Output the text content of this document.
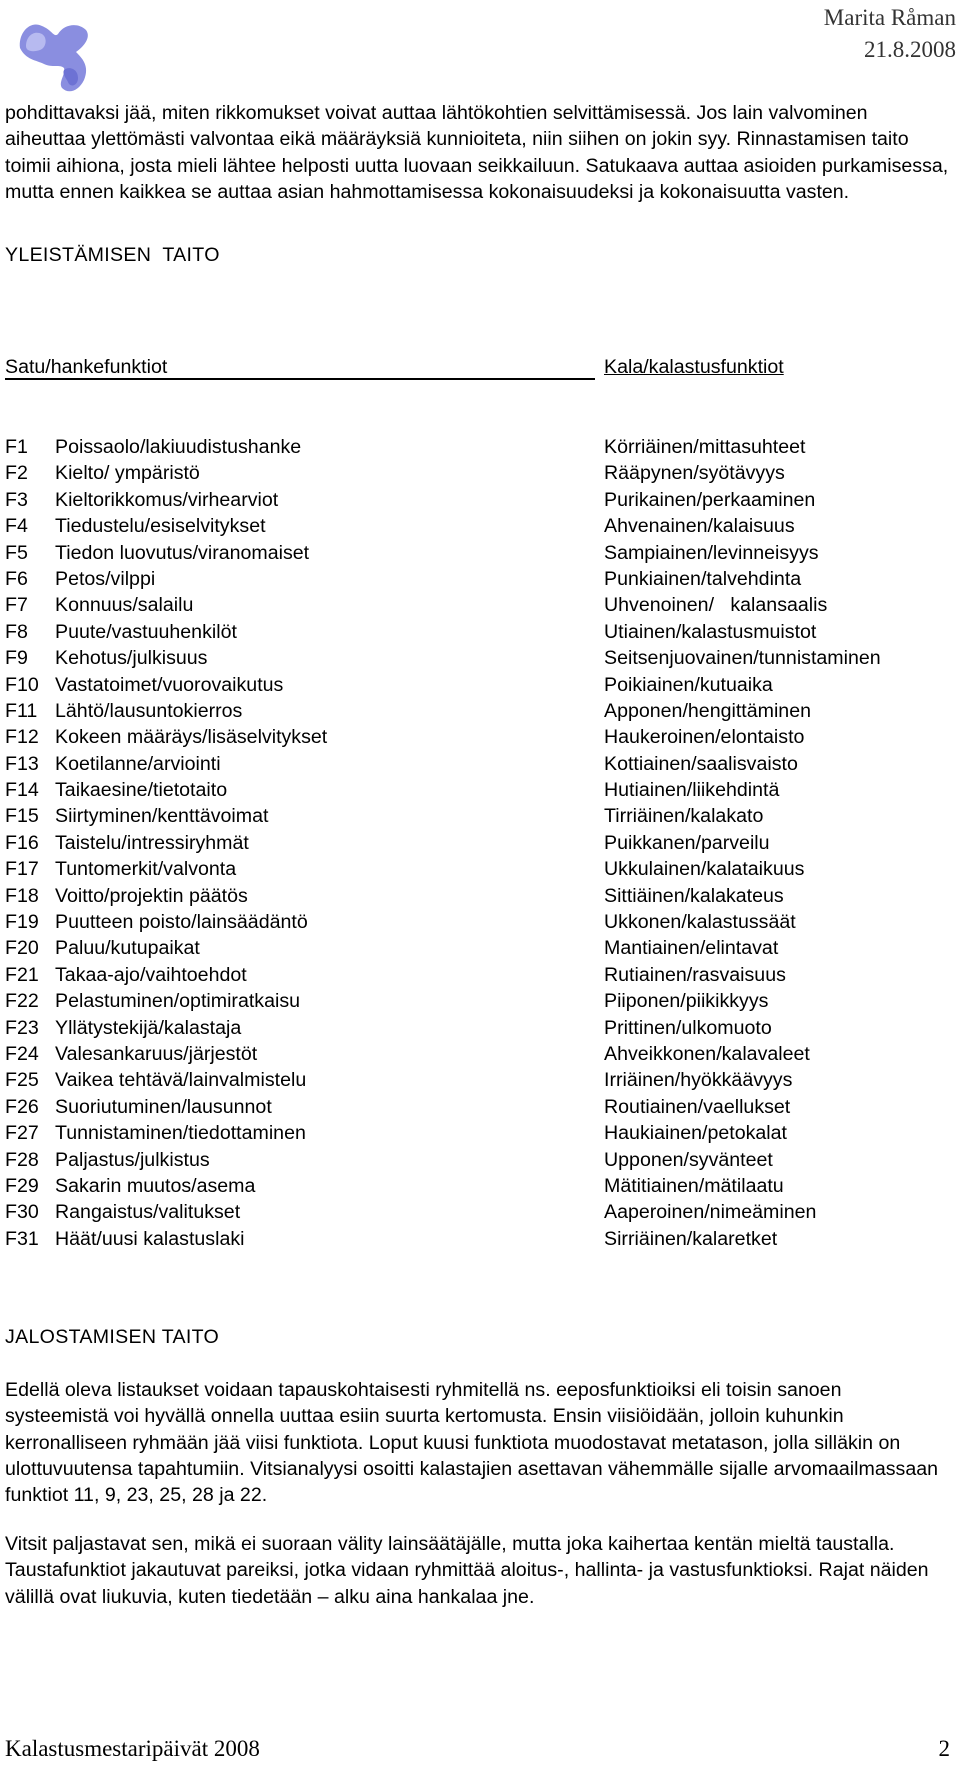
Marita Råman
21.8.2008

pohdittavaksi jää, miten rikkomukset voivat auttaa lähtökohtien selvittämisessä. Jos lain valvominen aiheuttaa ylettömästi valvontaa eikä määräyksiä kunnioiteta, niin siihen on jokin syy. Rinnastamisen taito toimii aihiona, josta mieli lähtee helposti uutta luovaan seikkailuun. Satukaava auttaa asioiden purkamisessa, mutta ennen kaikkea se auttaa asian hahmottamisessa kokonaisuudeksi ja kokonaisuutta vasten.

YLEISTÄMISEN  TAITO
Satu/hankefunktiot	Kala/kalastusfunktiot
F1 Poissaolo/lakiuudistushanke	Körriäinen/mittasuhteet
F2 Kielto/ ympäristö	Rääpynen/syötävyys
F3 Kieltorikkomus/virhearviot	Purikainen/perkaaminen
F4 Tiedustelu/esiselvitykset	Ahvenainen/kalaisuus
F5 Tiedon luovutus/viranomaiset	Sampiainen/levinneisyys
F6 Petos/vilppi	Punkiainen/talvehdinta
F7 Konnuus/salailu	Uhvenoinen/   kalansaalis
F8 Puute/vastuuhenkilöt	Utiainen/kalastusmuistot
F9 Kehotus/julkisuus	Seitsenjuovainen/tunnistaminen
F10 Vastatoimet/vuorovaikutus	Poikiainen/kutuaika
F11 Lähtö/lausuntokierros	Apponen/hengittäminen
F12 Kokeen määräys/lisäselvitykset	Haukeroinen/elontaisto
F13 Koetilanne/arviointi	Kottiainen/saalisvaisto
F14 Taikaesine/tietotaito	Hutiainen/liikehdintä
F15 Siirtyminen/kenttävoimat	Tirriäinen/kalakato
F16 Taistelu/intressiryhmät	Puikkanen/parveilu
F17 Tuntomerkit/valvonta	Ukkulainen/kalataikuus
F18 Voitto/projektin päätös	Sittiäinen/kalakateus
F19 Puutteen poisto/lainsäädäntö	Ukkonen/kalastussäät
F20 Paluu/kutupaikat	Mantiainen/elintavat
F21 Takaa-ajo/vaihtoehdot	Rutiainen/rasvaisuus
F22 Pelastuminen/optimiratkaisu	Piiponen/piikikkyys
F23 Yllätystekijä/kalastaja	Prittinen/ulkomuoto
F24 Valesankaruus/järjestöt	Ahveikkonen/kalavaleet
F25 Vaikea tehtävä/lainvalmistelu	Irriäinen/hyökkäävyys
F26 Suoriutuminen/lausunnot	Routiainen/vaellukset
F27 Tunnistaminen/tiedottaminen	Haukiainen/petokalat
F28 Paljastus/julkistus	Upponen/syvänteet
F29 Sakarin muutos/asema	Mätitiainen/mätilaatu
F30 Rangaistus/valitukset	Aaperoinen/nimeäminen
F31 Häät/uusi kalastuslaki	Sirriäinen/kalaretket
JALOSTAMISEN TAITO

Edellä oleva listaukset voidaan tapauskohtaisesti ryhmitellä ns. eeposfunktioiksi eli toisin sanoen systeemistä voi hyvällä onnella uuttaa esiin suurta kertomusta. Ensin viisiöidään, jolloin kuhunkin kerronalliseen ryhmään jää viisi funktiota. Loput kuusi funktiota muodostavat metatason, jolla silläkin on ulottuvuutensa tapahtumiin. Vitsianalyysi osoitti kalastajien asettavan vähemmälle sijalle arvomaailmassaan funktiot 11, 9, 23, 25, 28 ja 22.

Vitsit paljastavat sen, mikä ei suoraan välity lainsäätäjälle, mutta joka kaihertaa kentän mieltä taustalla. Taustafunktiot jakautuvat pareiksi, jotka vidaan ryhmittää aloitus-, hallinta- ja vastusfunktioksi. Rajat näiden välillä ovat liukuvia, kuten tiedetään – alku aina hankalaa jne.

Kalastusmestaripäivät 2008	2
